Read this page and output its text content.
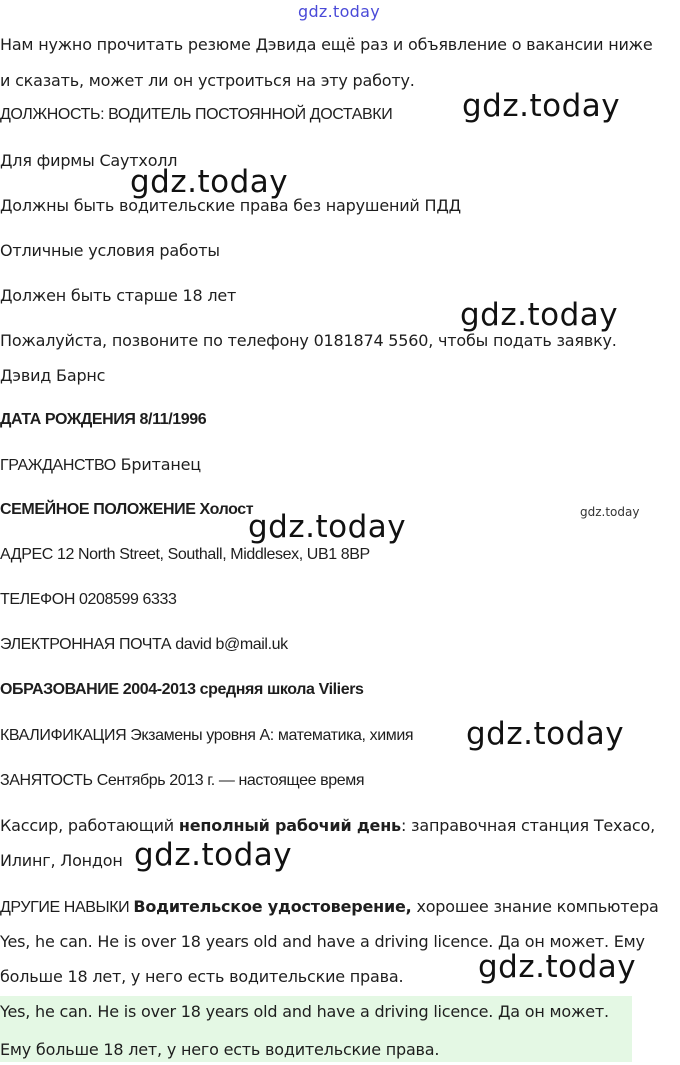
gdz.today
Нам нужно прочитать резюме Дэвида ещё раз и объявление о вакансии ниже
и сказать, может ли он устроиться на эту работу.
ДОЛЖНОСТЬ: ВОДИТЕЛЬ ПОСТОЯННОЙ ДОСТАВКИ
Для фирмы Саутхолл
Должны быть водительские права без нарушений ПДД
Отличные условия работы
Должен быть старше 18 лет
Пожалуйста, позвоните по телефону 0181874 5560, чтобы подать заявку.
Дэвид Барнс
ДАТА РОЖДЕНИЯ 8/11/1996
ГРАЖДАНСТВО Британец
СЕМЕЙНОЕ ПОЛОЖЕНИЕ Холост
АДРЕС 12 North Street, Southall, Middlesex, UB1 8BP
ТЕЛЕФОН 0208599 6333
ЭЛЕКТРОННАЯ ПОЧТА david b@mail.uk
ОБРАЗОВАНИЕ 2004-2013 средняя школа Viliers
КВАЛИФИКАЦИЯ Экзамены уровня А: математика, химия
ЗАНЯТОСТЬ Сентябрь 2013 г. — настоящее время
Кассир, работающий неполный рабочий день: заправочная станция Техасо,
Илинг, Лондон
ДРУГИЕ НАВЫКИ Водительское удостоверение, хорошее знание компьютера
Yes, he can. He is over 18 years old and have a driving licence. Да он может. Ему
больше 18 лет, у него есть водительские права.
Yes, he can. He is over 18 years old and have a driving licence. Да он может.
Ему больше 18 лет, у него есть водительские права.
gdz.today
gdz.today
gdz.today
gdz.today	gdz.today
gdz.today
gdz.today
gdz.today
